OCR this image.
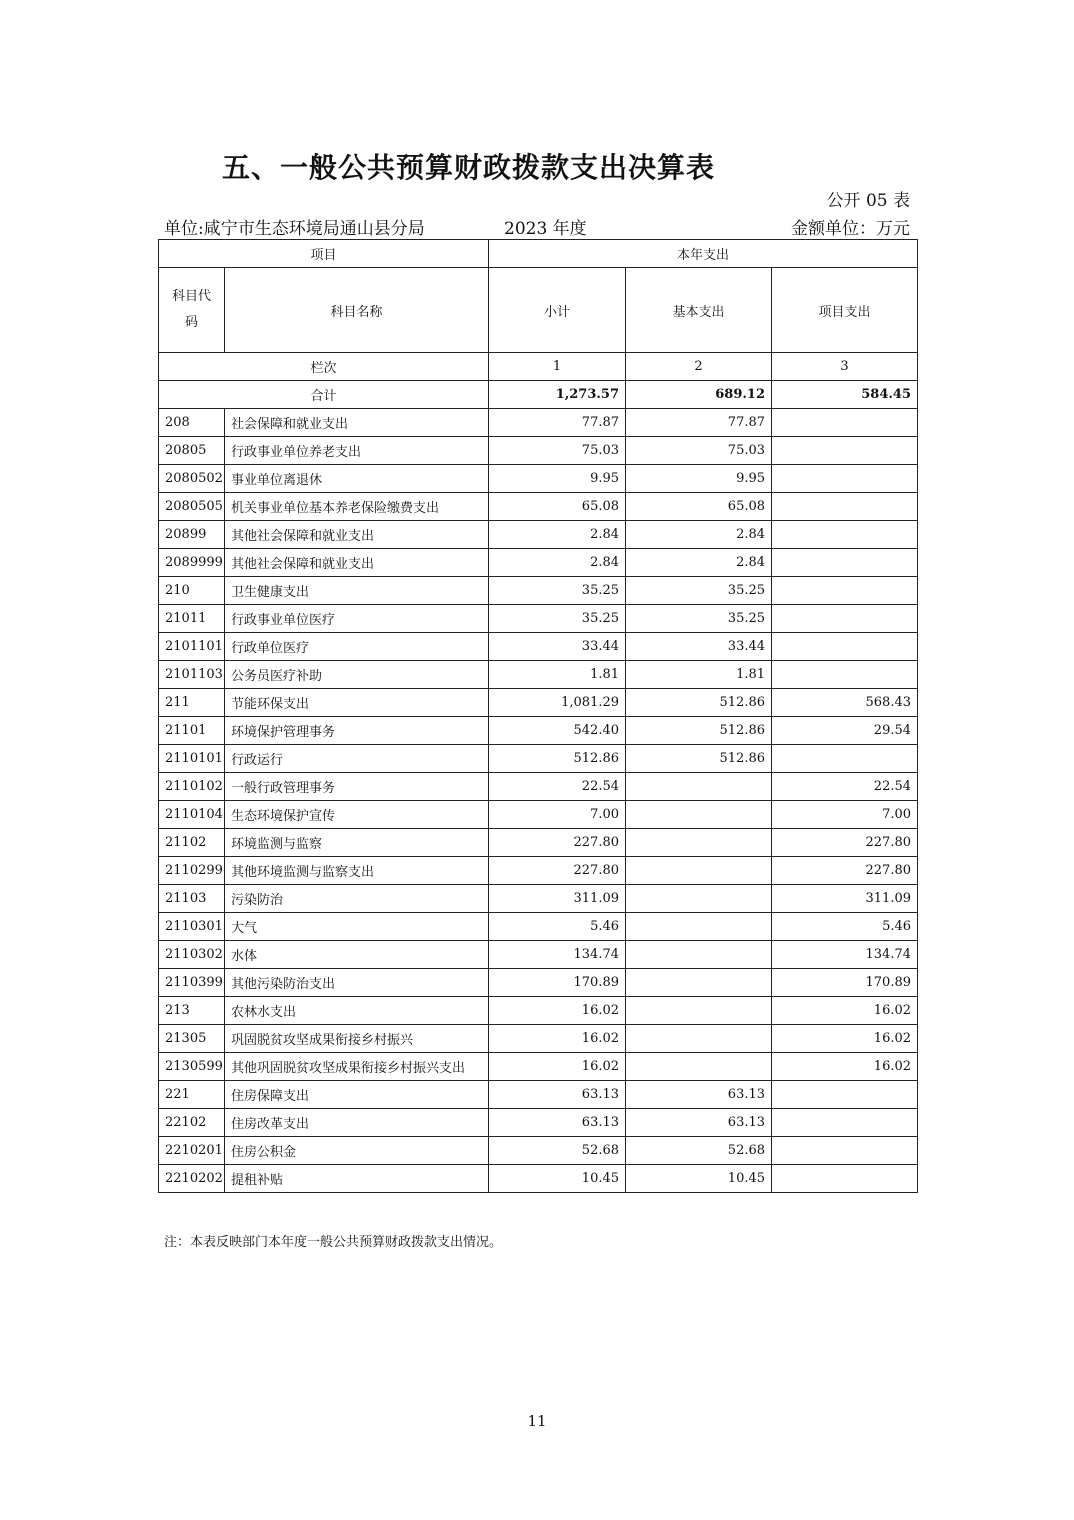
五、一般公共预算财政拨款支出决算表
公开 05 表
单位:咸宁市生态环境局通山县分局	2023 年度	金额单位：万元
项目		本年支出		
科目代码	科目名称	小计	基本支出	项目支出
栏次		1	2	3
合计		1,273.57	689.12	584.45
208	社会保障和就业支出	77.87	77.87	
20805	行政事业单位养老支出	75.03	75.03	
2080502	事业单位离退休	9.95	9.95	
2080505	机关事业单位基本养老保险缴费支出	65.08	65.08	
20899	其他社会保障和就业支出	2.84	2.84	
2089999	其他社会保障和就业支出	2.84	2.84	
210	卫生健康支出	35.25	35.25	
21011	行政事业单位医疗	35.25	35.25	
2101101	行政单位医疗	33.44	33.44	
2101103	公务员医疗补助	1.81	1.81	
211	节能环保支出	1,081.29	512.86	568.43
21101	环境保护管理事务	542.40	512.86	29.54
2110101	行政运行	512.86	512.86	
2110102	一般行政管理事务	22.54		22.54
2110104	生态环境保护宣传	7.00		7.00
21102	环境监测与监察	227.80		227.80
2110299	其他环境监测与监察支出	227.80		227.80
21103	污染防治	311.09		311.09
2110301	大气	5.46		5.46
2110302	水体	134.74		134.74
2110399	其他污染防治支出	170.89		170.89
213	农林水支出	16.02		16.02
21305	巩固脱贫攻坚成果衔接乡村振兴	16.02		16.02
2130599	其他巩固脱贫攻坚成果衔接乡村振兴支出	16.02		16.02
221	住房保障支出	63.13	63.13	
22102	住房改革支出	63.13	63.13	
2210201	住房公积金	52.68	52.68	
2210202	提租补贴	10.45	10.45	
注：本表反映部门本年度一般公共预算财政拨款支出情况。
11
